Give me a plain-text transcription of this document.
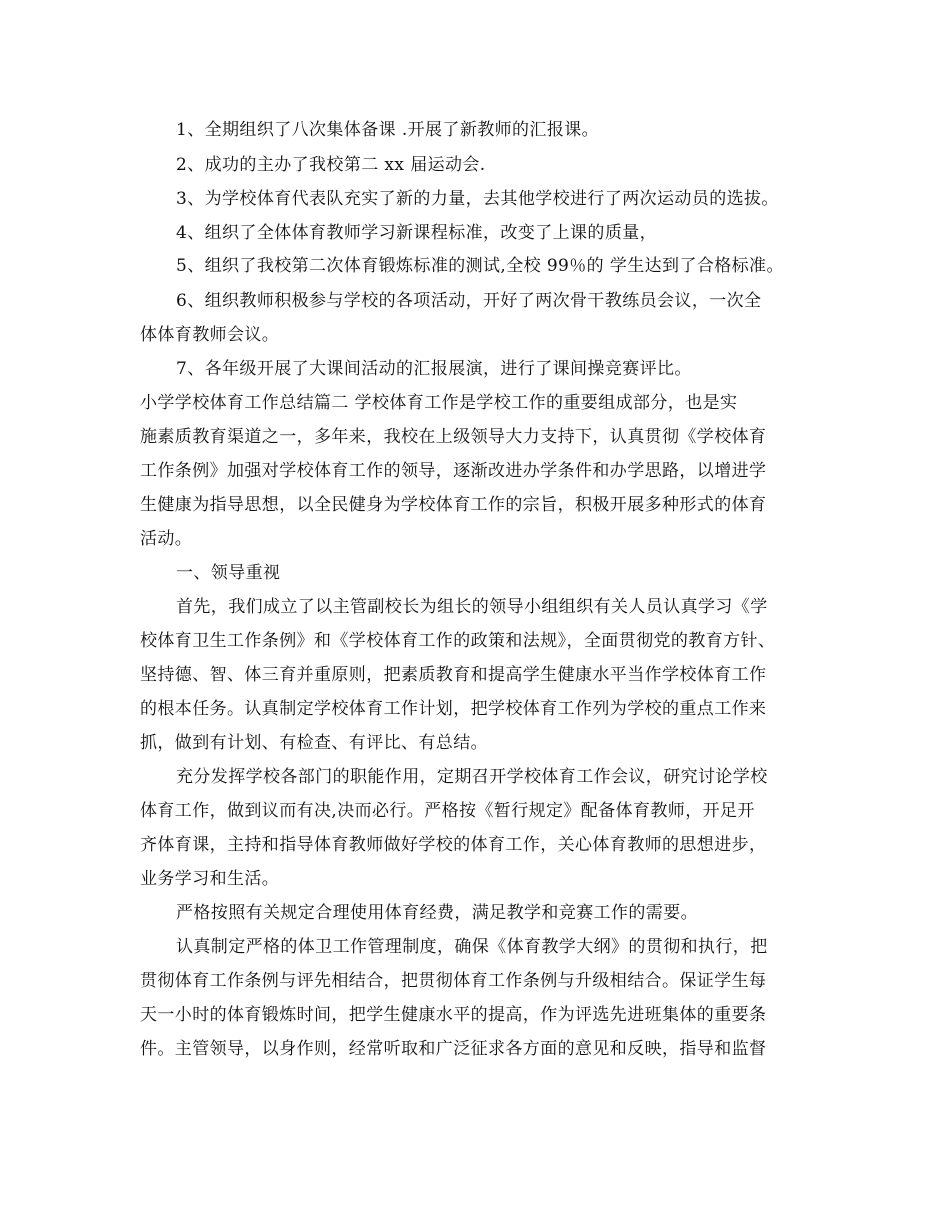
1、全期组织了八次集体备课 .开展了新教师的汇报课。
2、成功的主办了我校第二 xx 届运动会.
3、为学校体育代表队充实了新的力量，去其他学校进行了两次运动员的选拔。
4、组织了全体体育教师学习新课程标准，改变了上课的质量，
5、组织了我校第二次体育锻炼标准的测试,全校 99％的 学生达到了合格标准。
6、组织教师积极参与学校的各项活动，开好了两次骨干教练员会议，一次全
体体育教师会议。
7、各年级开展了大课间活动的汇报展演，进行了课间操竞赛评比。
小学学校体育工作总结篇二 学校体育工作是学校工作的重要组成部分，也是实
施素质教育渠道之一，多年来，我校在上级领导大力支持下，认真贯彻《学校体育
工作条例》加强对学校体育工作的领导，逐渐改进办学条件和办学思路，以增进学
生健康为指导思想，以全民健身为学校体育工作的宗旨，积极开展多种形式的体育
活动。
一、领导重视
首先，我们成立了以主管副校长为组长的领导小组组织有关人员认真学习《学
校体育卫生工作条例》和《学校体育工作的政策和法规》，全面贯彻党的教育方针、
坚持德、智、体三育并重原则，把素质教育和提高学生健康水平当作学校体育工作
的根本任务。认真制定学校体育工作计划，把学校体育工作列为学校的重点工作来
抓，做到有计划、有检查、有评比、有总结。
充分发挥学校各部门的职能作用，定期召开学校体育工作会议，研究讨论学校
体育工作，做到议而有决,决而必行。严格按《暂行规定》配备体育教师，开足开
齐体育课，主持和指导体育教师做好学校的体育工作，关心体育教师的思想进步，
业务学习和生活。
严格按照有关规定合理使用体育经费，满足教学和竞赛工作的需要。
认真制定严格的体卫工作管理制度，确保《体育教学大纲》的贯彻和执行，把
贯彻体育工作条例与评先相结合，把贯彻体育工作条例与升级相结合。保证学生每
天一小时的体育锻炼时间，把学生健康水平的提高，作为评选先进班集体的重要条
件。主管领导，以身作则，经常听取和广泛征求各方面的意见和反映，指导和监督
